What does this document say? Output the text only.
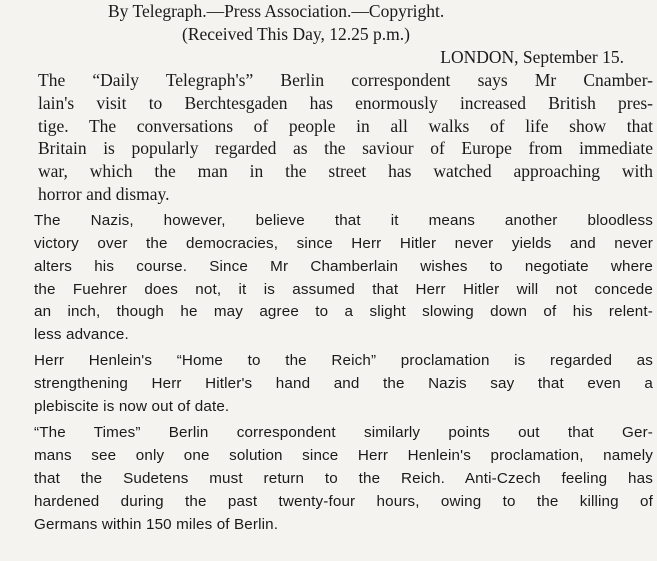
By Telegraph.—Press Association.—Copyright.
(Received This Day, 12.25 p.m.)
LONDON, September 15.

The “Daily Telegraph's” Berlin correspondent says Mr Cnamber-
lain's visit to Berchtesgaden has enormously increased British pres-
tige. The conversations of people in all walks of life show that
Britain is popularly regarded as the saviour of Europe from immediate
war, which the man in the street has watched approaching with
horror and dismay.

The Nazis, however, believe that it means another bloodless
victory over the democracies, since Herr Hitler never yields and never
alters his course. Since Mr Chamberlain wishes to negotiate where
the Fuehrer does not, it is assumed that Herr Hitler will not concede
an inch, though he may agree to a slight slowing down of his relent-
less advance.

Herr Henlein's “Home to the Reich” proclamation is regarded as
strengthening Herr Hitler's hand and the Nazis say that even a
plebiscite is now out of date.

“The Times” Berlin correspondent similarly points out that Ger-
mans see only one solution since Herr Henlein's proclamation, namely
that the Sudetens must return to the Reich. Anti-Czech feeling has
hardened during the past twenty-four hours, owing to the killing of
Germans within 150 miles of Berlin.
